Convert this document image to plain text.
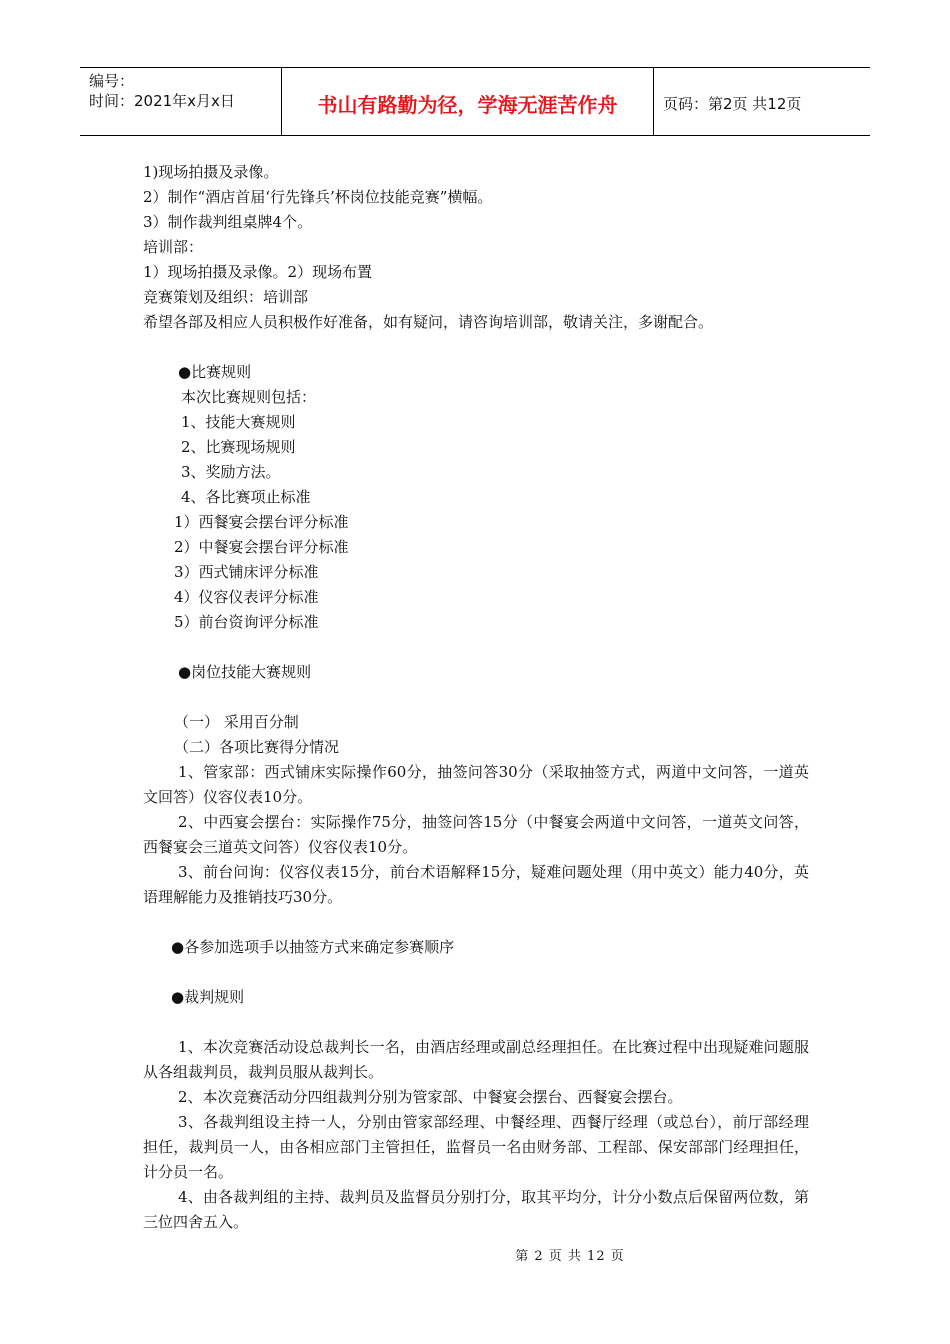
编号：
时间：2021年x月x日	书山有路勤为径，学海无涯苦作舟	页码：第2页 共12页
1)现场拍摄及录像。
2）制作“酒店首届‘行先锋兵’杯岗位技能竞赛”横幅。
3）制作裁判组桌牌4个。
培训部：
1）现场拍摄及录像。2）现场布置
竞赛策划及组织：培训部
希望各部及相应人员积极作好准备，如有疑问，请咨询培训部，敬请关注，多谢配合。
●比赛规则
本次比赛规则包括：
1、技能大赛规则
2、比赛现场规则
3、奖励方法。
4、各比赛项止标准
1）西餐宴会摆台评分标准
2）中餐宴会摆台评分标准
3）西式铺床评分标准
4）仪容仪表评分标准
5）前台资询评分标准
●岗位技能大赛规则
（一） 采用百分制
（二）各项比赛得分情况
1、管家部：西式铺床实际操作60分，抽签问答30分（采取抽签方式，两道中文问答，一道英文回答）仪容仪表10分。
2、中西宴会摆台：实际操作75分，抽签问答15分（中餐宴会两道中文问答，一道英文问答，西餐宴会三道英文问答）仪容仪表10分。
3、前台问询：仪容仪表15分，前台术语解释15分，疑难问题处理（用中英文）能力40分，英语理解能力及推销技巧30分。
●各参加选项手以抽签方式来确定参赛顺序
●裁判规则
1、本次竞赛活动设总裁判长一名，由酒店经理或副总经理担任。在比赛过程中出现疑难问题服从各组裁判员，裁判员服从裁判长。
2、本次竞赛活动分四组裁判分别为管家部、中餐宴会摆台、西餐宴会摆台。
3、各裁判组设主持一人，分别由管家部经理、中餐经理、西餐厅经理（或总台），前厅部经理担任，裁判员一人，由各相应部门主管担任，监督员一名由财务部、工程部、保安部部门经理担任，计分员一名。
4、由各裁判组的主持、裁判员及监督员分别打分，取其平均分，计分小数点后保留两位数，第三位四舍五入。
第 2 页 共 12 页
